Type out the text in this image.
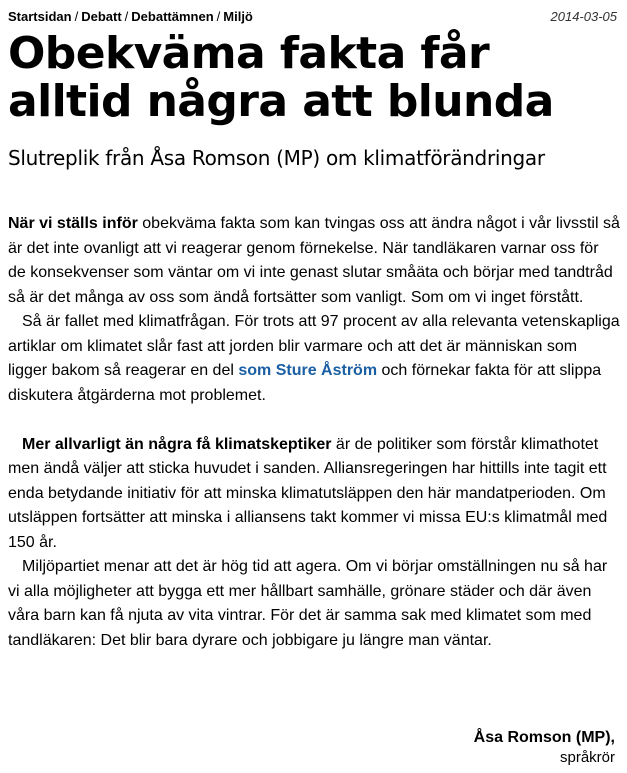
Startsidan / Debatt / Debattämnen / Miljö	2014-03-05
Obekväma fakta får alltid några att blunda
Slutreplik från Åsa Romson (MP) om klimatförändringar

När vi ställs inför obekväma fakta som kan tvingas oss att ändra något i vår livsstil så är det inte ovanligt att vi reagerar genom förnekelse. När tandläkaren varnar oss för de konsekvenser som väntar om vi inte genast slutar småäta och börjar med tandtråd så är det många av oss som ändå fortsätter som vanligt. Som om vi inget förstått.

Så är fallet med klimatfrågan. För trots att 97 procent av alla relevanta vetenskapliga artiklar om klimatet slår fast att jorden blir varmare och att det är människan som ligger bakom så reagerar en del som Sture Åström och förnekar fakta för att slippa diskutera åtgärderna mot problemet.

Mer allvarligt än några få klimatskeptiker är de politiker som förstår klimathotet men ändå väljer att sticka huvudet i sanden. Alliansregeringen har hittills inte tagit ett enda betydande initiativ för att minska klimatutsläppen den här mandatperioden. Om utsläppen fortsätter att minska i alliansens takt kommer vi missa EU:s klimatmål med 150 år.

Miljöpartiet menar att det är hög tid att agera. Om vi börjar omställningen nu så har vi alla möjligheter att bygga ett mer hållbart samhälle, grönare städer och där även våra barn kan få njuta av vita vintrar. För det är samma sak med klimatet som med tandläkaren: Det blir bara dyrare och jobbigare ju längre man väntar.

Åsa Romson (MP),
språkrör
